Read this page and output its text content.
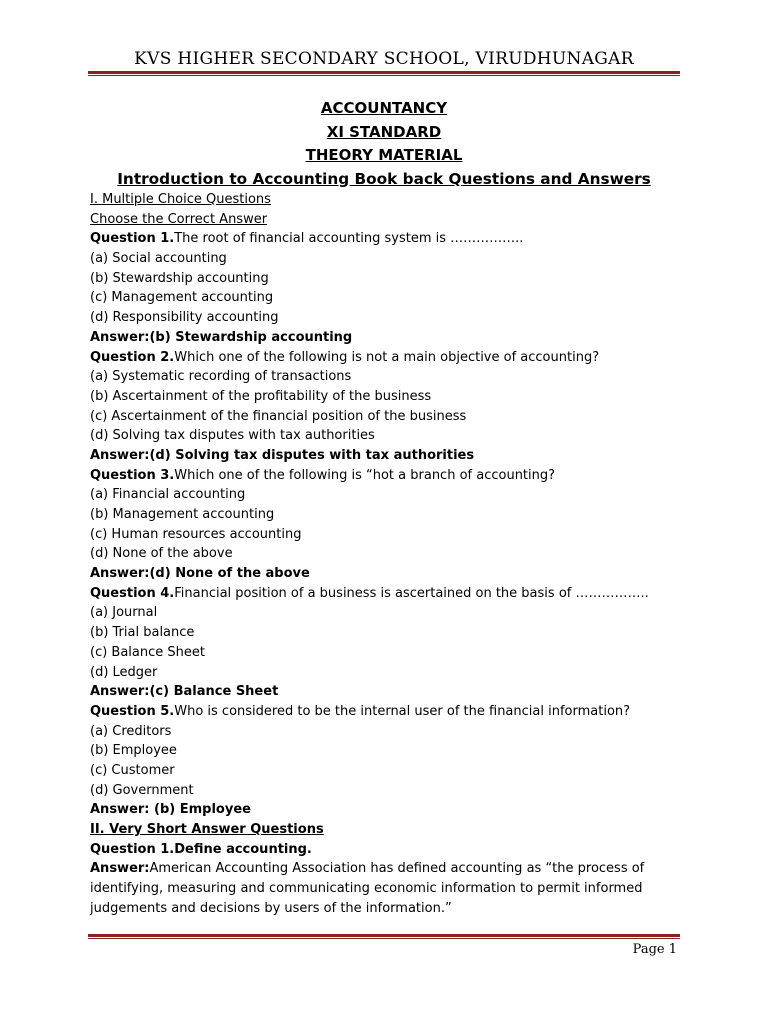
KVS HIGHER SECONDARY SCHOOL, VIRUDHUNAGAR
ACCOUNTANCY
XI STANDARD
THEORY MATERIAL
Introduction to Accounting Book back Questions and Answers
I. Multiple Choice Questions
Choose the Correct Answer
Question 1.The root of financial accounting system is ……………..
(a) Social accounting
(b) Stewardship accounting
(c) Management accounting
(d) Responsibility accounting
Answer:(b) Stewardship accounting
Question 2.Which one of the following is not a main objective of accounting?
(a) Systematic recording of transactions
(b) Ascertainment of the profitability of the business
(c) Ascertainment of the financial position of the business
(d) Solving tax disputes with tax authorities
Answer:(d) Solving tax disputes with tax authorities
Question 3.Which one of the following is “hot a branch of accounting?
(a) Financial accounting
(b) Management accounting
(c) Human resources accounting
(d) None of the above
Answer:(d) None of the above
Question 4.Financial position of a business is ascertained on the basis of ……………..
(a) Journal
(b) Trial balance
(c) Balance Sheet
(d) Ledger
Answer:(c) Balance Sheet
Question 5.Who is considered to be the internal user of the financial information?
(a) Creditors
(b) Employee
(c) Customer
(d) Government
Answer: (b) Employee
II. Very Short Answer Questions
Question 1.Define accounting.
Answer:American Accounting Association has defined accounting as “the process of identifying, measuring and communicating economic information to permit informed judgements and decisions by users of the information.”
Page 1
